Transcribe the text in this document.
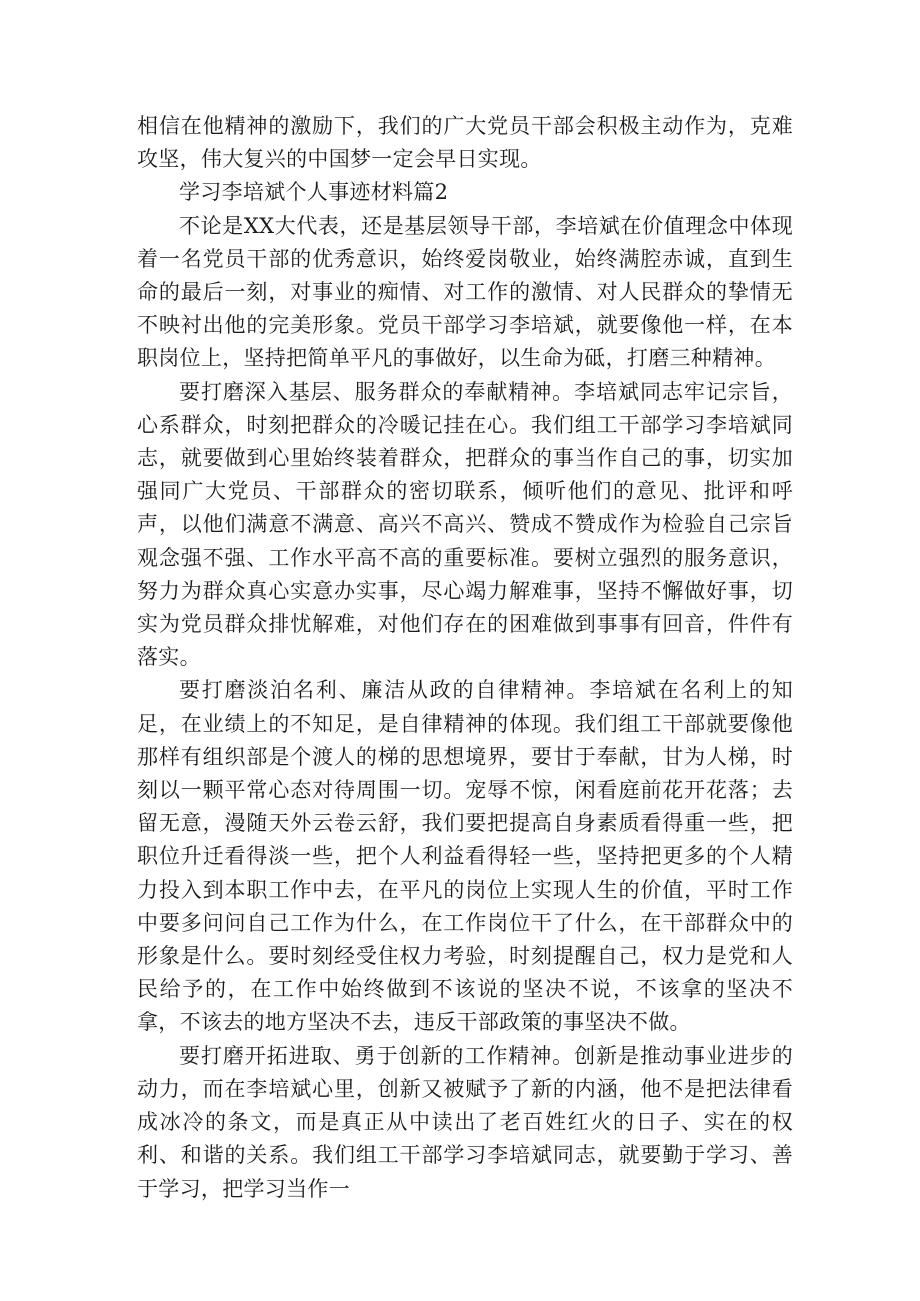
相信在他精神的激励下，我们的广大党员干部会积极主动作为，克难攻坚，伟大复兴的中国梦一定会早日实现。

学习李培斌个人事迹材料篇2

不论是XX大代表，还是基层领导干部，李培斌在价值理念中体现着一名党员干部的优秀意识，始终爱岗敬业，始终满腔赤诚，直到生命的最后一刻，对事业的痴情、对工作的激情、对人民群众的挚情无不映衬出他的完美形象。党员干部学习李培斌，就要像他一样，在本职岗位上，坚持把简单平凡的事做好，以生命为砥，打磨三种精神。

要打磨深入基层、服务群众的奉献精神。李培斌同志牢记宗旨，心系群众，时刻把群众的冷暖记挂在心。我们组工干部学习李培斌同志，就要做到心里始终装着群众，把群众的事当作自己的事，切实加强同广大党员、干部群众的密切联系，倾听他们的意见、批评和呼声，以他们满意不满意、高兴不高兴、赞成不赞成作为检验自己宗旨观念强不强、工作水平高不高的重要标准。要树立强烈的服务意识，努力为群众真心实意办实事，尽心竭力解难事，坚持不懈做好事，切实为党员群众排忧解难，对他们存在的困难做到事事有回音，件件有落实。

要打磨淡泊名利、廉洁从政的自律精神。李培斌在名利上的知足，在业绩上的不知足，是自律精神的体现。我们组工干部就要像他那样有组织部是个渡人的梯的思想境界，要甘于奉献，甘为人梯，时刻以一颗平常心态对待周围一切。宠辱不惊，闲看庭前花开花落；去留无意，漫随天外云卷云舒，我们要把提高自身素质看得重一些，把职位升迁看得淡一些，把个人利益看得轻一些，坚持把更多的个人精力投入到本职工作中去，在平凡的岗位上实现人生的价值，平时工作中要多问问自己工作为什么，在工作岗位干了什么，在干部群众中的形象是什么。要时刻经受住权力考验，时刻提醒自己，权力是党和人民给予的，在工作中始终做到不该说的坚决不说，不该拿的坚决不拿，不该去的地方坚决不去，违反干部政策的事坚决不做。

要打磨开拓进取、勇于创新的工作精神。创新是推动事业进步的动力，而在李培斌心里，创新又被赋予了新的内涵，他不是把法律看成冰冷的条文，而是真正从中读出了老百姓红火的日子、实在的权利、和谐的关系。我们组工干部学习李培斌同志，就要勤于学习、善于学习，把学习当作一
